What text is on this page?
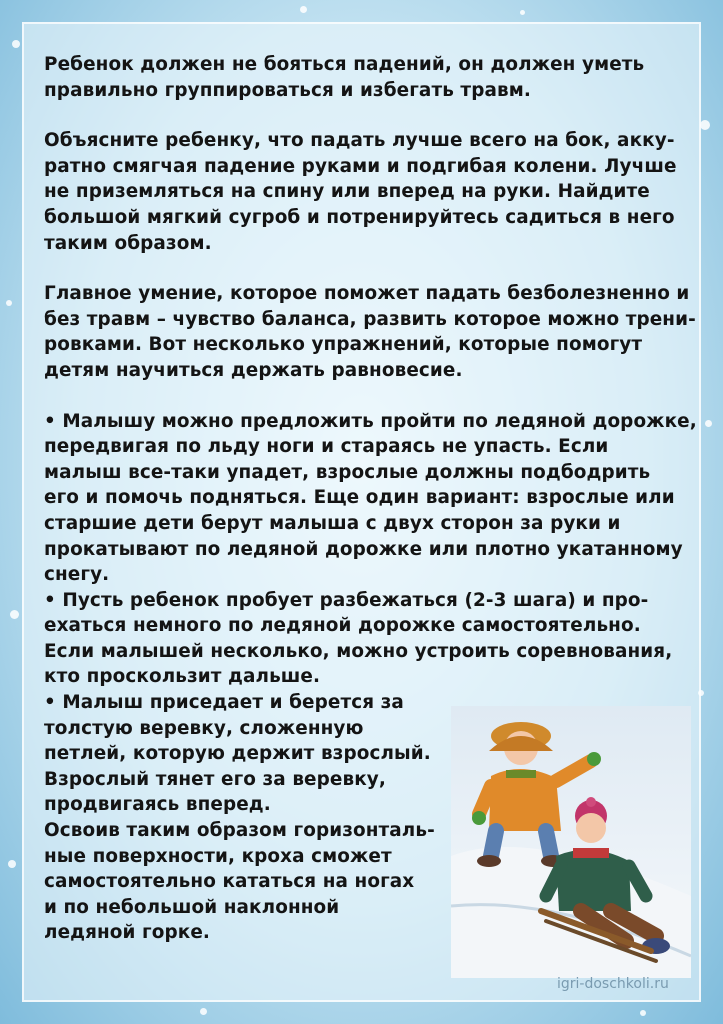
Ребенок должен не бояться падений, он должен уметь

правильно группироваться и избегать травм.

Объясните ребенку, что падать лучше всего на бок, акку-

ратно смягчая падение руками и подгибая колени. Лучше

не приземляться на спину или вперед на руки. Найдите

большой мягкий сугроб и потренируйтесь садиться в него

таким образом.

Главное умение, которое поможет падать безболезненно и

без травм – чувство баланса, развить которое можно трени-

ровками. Вот несколько упражнений, которые помогут

детям научиться держать равновесие.

• Малышу можно предложить пройти по ледяной дорожке,

передвигая по льду ноги и стараясь не упасть. Если

малыш все-таки упадет, взрослые должны подбодрить

его и помочь подняться. Еще один вариант: взрослые или

старшие дети берут малыша с двух сторон за руки и

прокатывают по ледяной дорожке или плотно укатанному

снегу.

• Пусть ребенок пробует разбежаться (2-3 шага) и про-

ехаться немного по ледяной дорожке самостоятельно.

Если малышей несколько, можно устроить соревнования,

кто проскользит дальше.

• Малыш приседает и берется за

толстую веревку, сложенную

петлей, которую держит взрослый.

Взрослый тянет его за веревку,

продвигаясь вперед.

Освоив таким образом горизонталь-

ные поверхности, кроха сможет

самостоятельно кататься на ногах

и по небольшой наклонной

ледяной горке.

igri-doschkoli.ru
